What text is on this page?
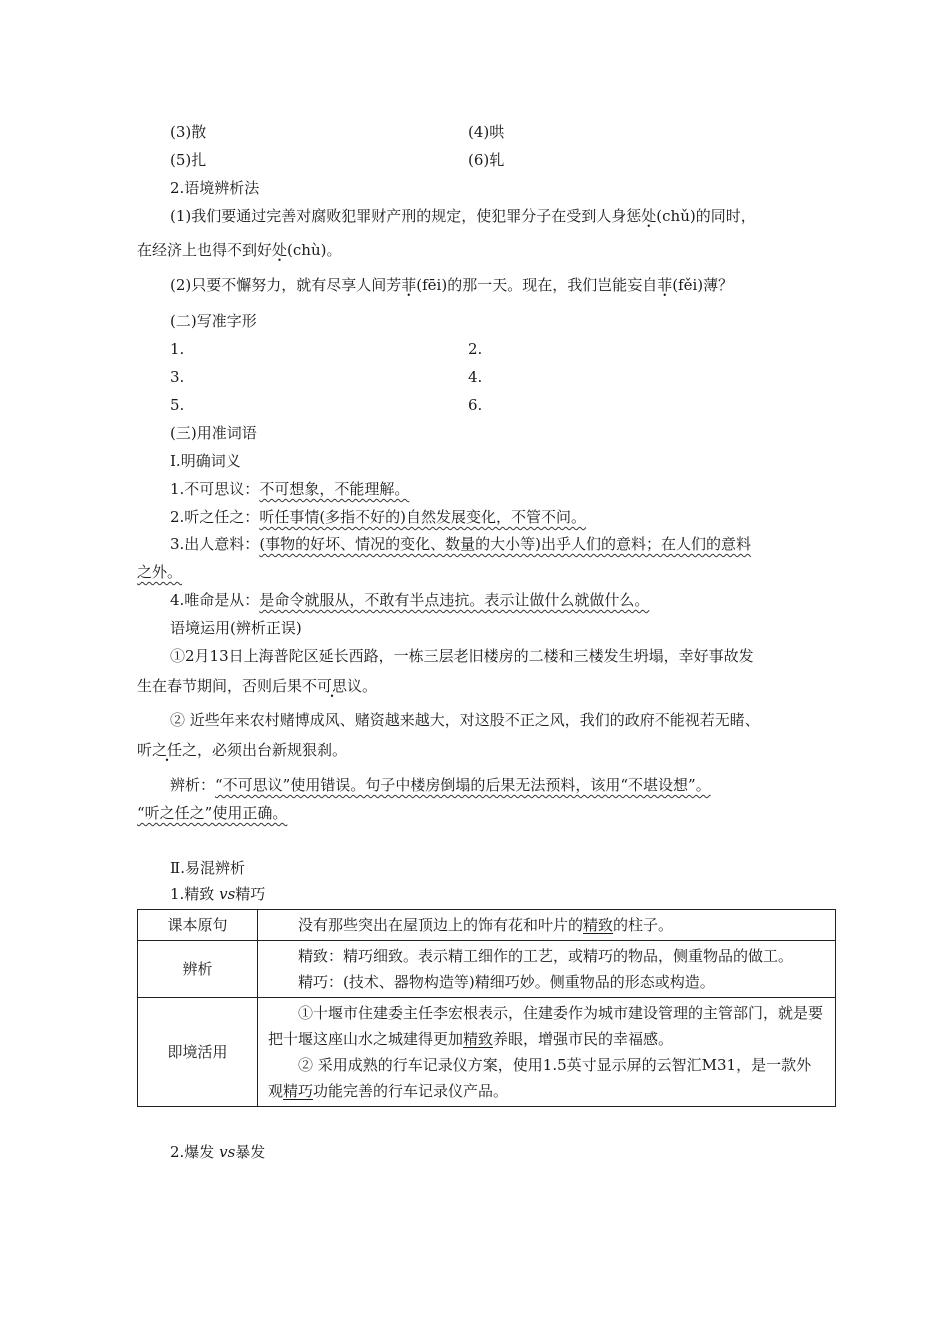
(3)散	(4)哄
(5)扎	(6)轧
2.语境辨析法
(1)我们要通过完善对腐败犯罪财产刑的规定，使犯罪分子在受到人身惩处(chǔ)的同时，
在经济上也得不到好处(chù)。
(2)只要不懈努力，就有尽享人间芳菲(fēi)的那一天。现在，我们岂能妄自菲(fěi)薄？
(二)写准字形
1.	2.
3.	4.
5.	6.
(三)用准词语
Ⅰ.明确词义
1.不可思议：不可想象，不能理解。
2.听之任之：听任事情(多指不好的)自然发展变化，不管不问。
3.出人意料：(事物的好坏、情况的变化、数量的大小等)出乎人们的意料；在人们的意料
之外。
4.唯命是从：是命令就服从，不敢有半点违抗。表示让做什么就做什么。
语境运用(辨析正误)
①2月13日上海普陀区延长西路，一栋三层老旧楼房的二楼和三楼发生坍塌，幸好事故发
生在春节期间，否则后果不可思议。
② 近些年来农村赌博成风、赌资越来越大，对这股不正之风，我们的政府不能视若无睹、
听之任之，必须出台新规狠刹。
辨析：“不可思议”使用错误。句子中楼房倒塌的后果无法预料，该用“不堪设想”。
“听之任之”使用正确。
Ⅱ.易混辨析
1.精致 vs精巧
课本原句	没有那些突出在屋顶边上的饰有花和叶片的精致的柱子。

辨析	精致：精巧细致。表示精工细作的工艺，或精巧的物品，侧重物品的做工。

精巧：(技术、器物构造等)精细巧妙。侧重物品的形态或构造。

即境活用	①十堰市住建委主任李宏根表示，住建委作为城市建设管理的主管部门，就是要把十堰这座山水之城建得更加精致养眼，增强市民的幸福感。

② 采用成熟的行车记录仪方案，使用1.5英寸显示屏的云智汇M31，是一款外观精巧功能完善的行车记录仪产品。

2.爆发 vs暴发
